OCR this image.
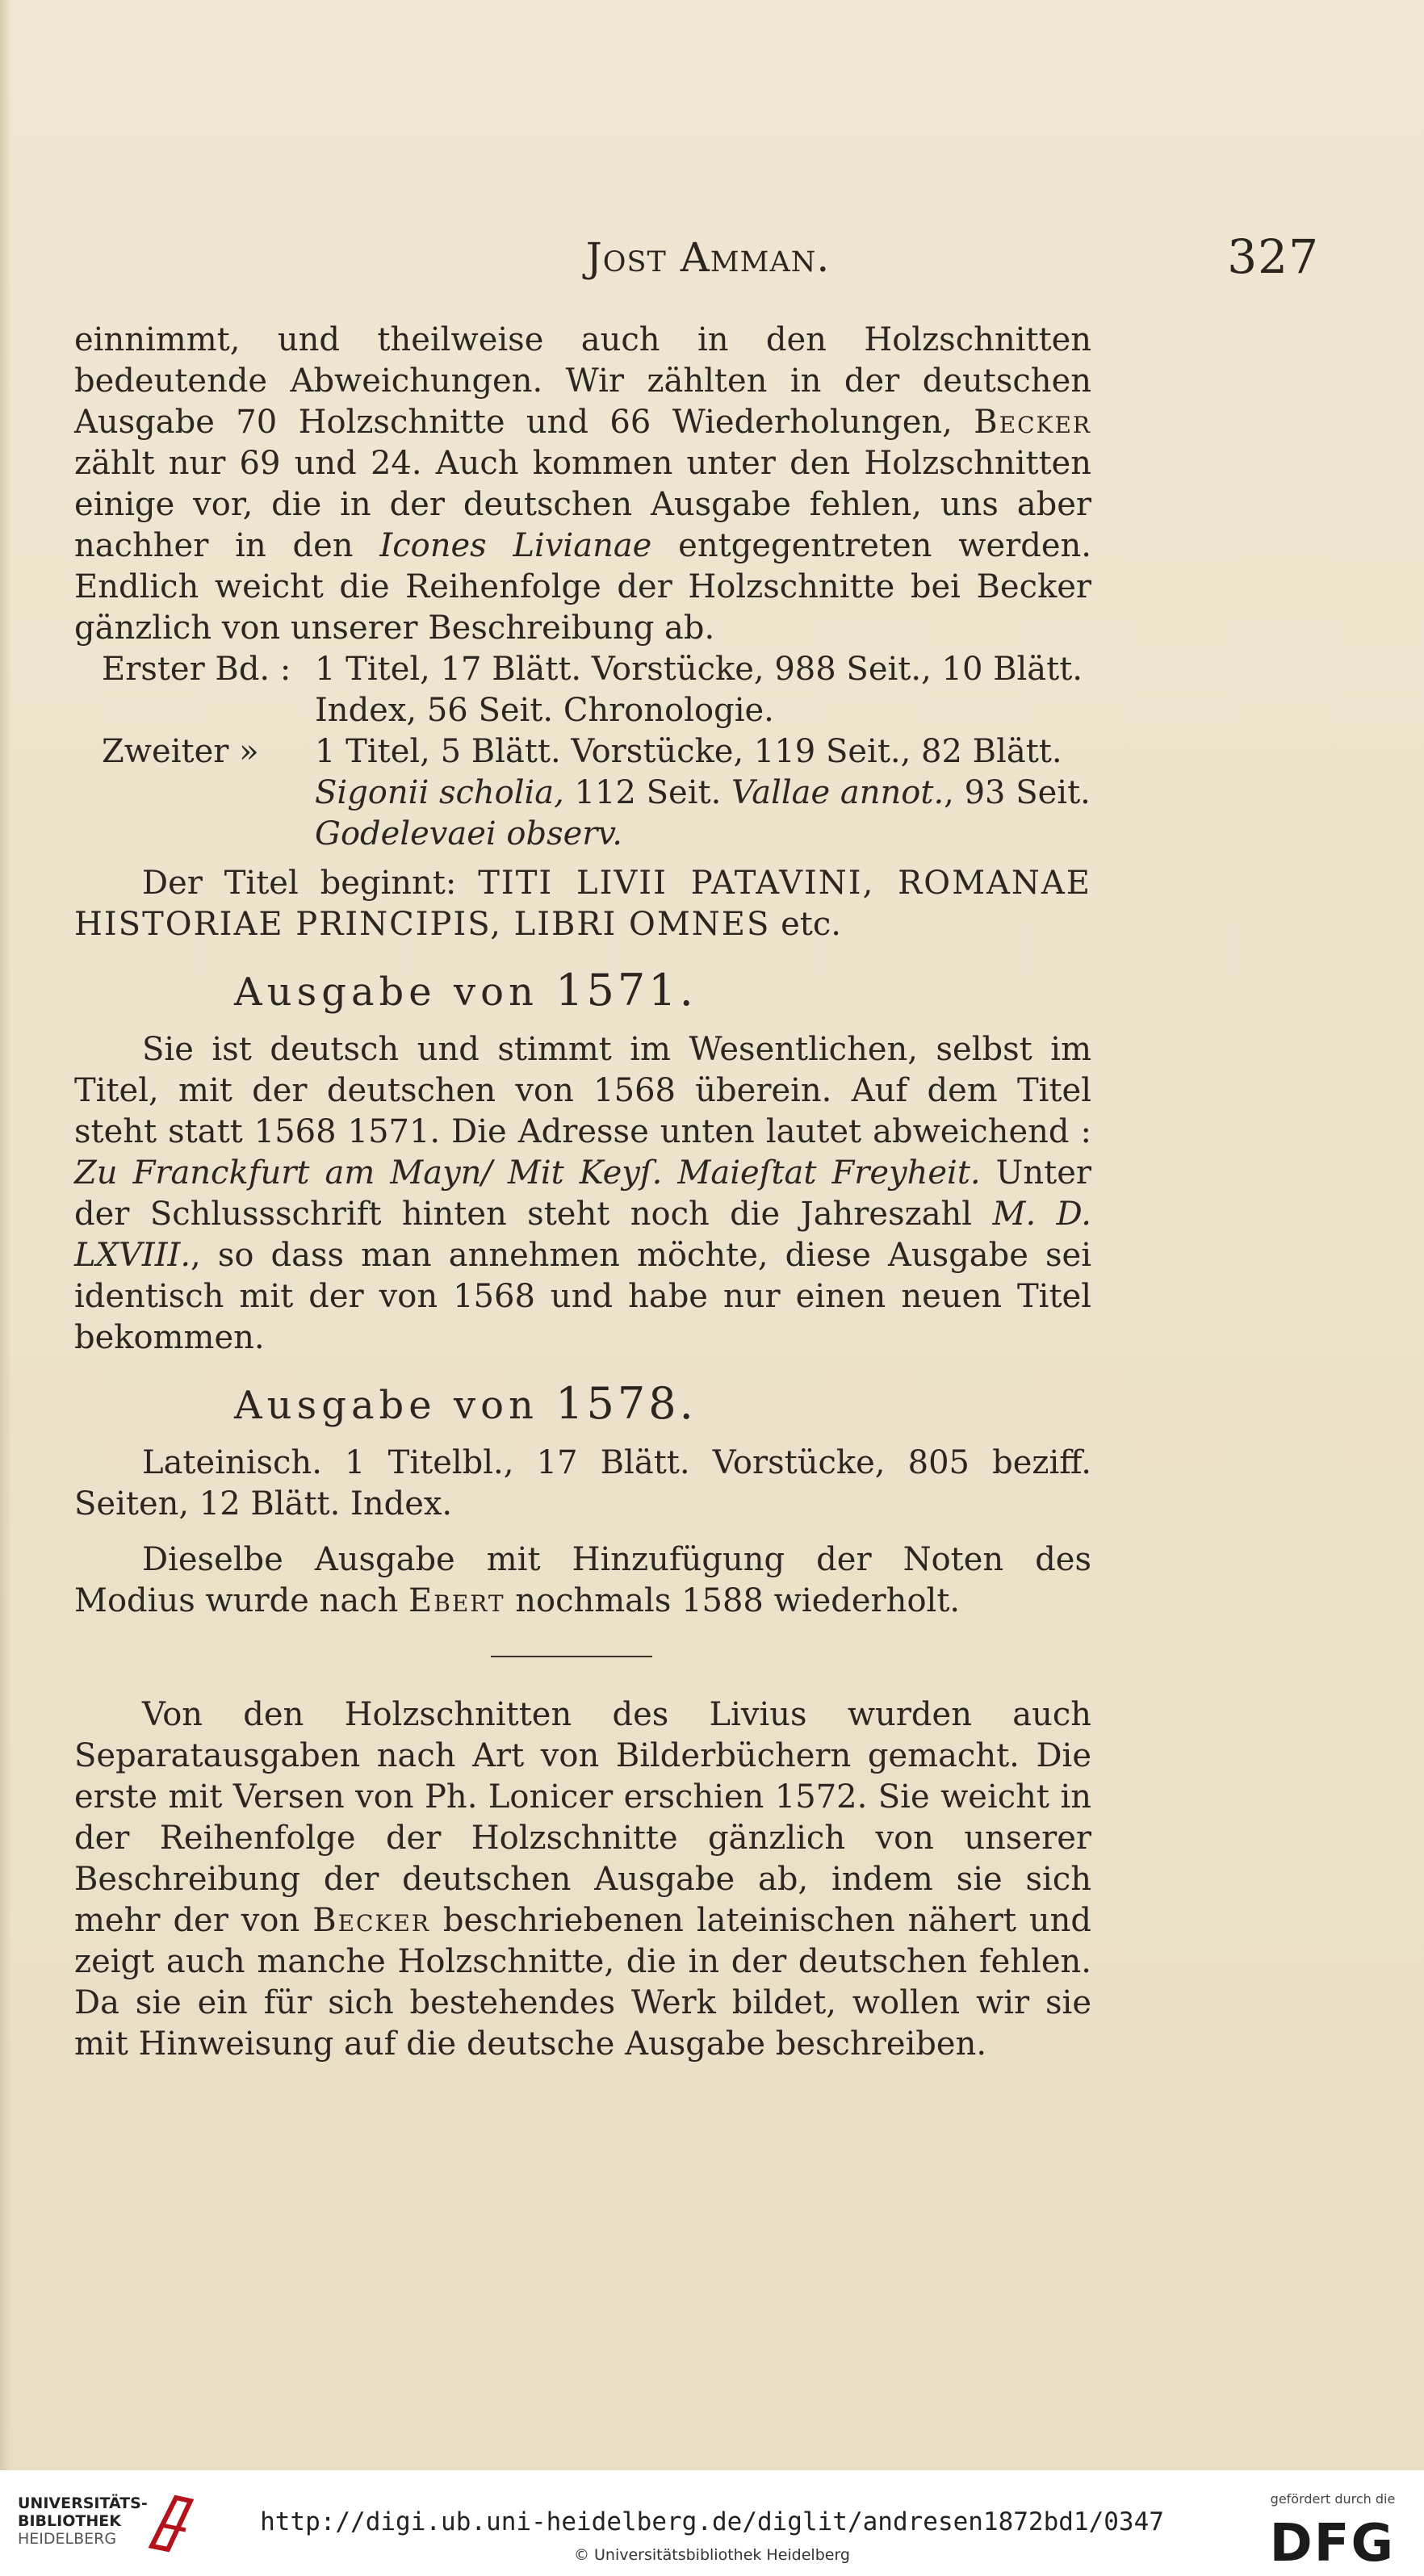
Jost Amman.	327

einnimmt, und theilweise auch in den Holzschnitten bedeutende Abweichungen. Wir zählten in der deutschen Ausgabe 70 Holzschnitte und 66 Wiederholungen, Becker zählt nur 69 und 24. Auch kommen unter den Holzschnitten einige vor, die in der deutschen Ausgabe fehlen, uns aber nachher in den Icones Livianae entgegentreten werden. Endlich weicht die Reihenfolge der Holzschnitte bei Becker gänzlich von unserer Beschreibung ab.

Erster Bd. : 1 Titel, 17 Blätt. Vorstücke, 988 Seit., 10 Blätt. Index, 56 Seit. Chronologie.
Zweiter »	1 Titel, 5 Blätt. Vorstücke, 119 Seit., 82 Blätt. Sigonii scholia, 112 Seit. Vallae annot., 93 Seit. Godelevaei observ.

Der Titel beginnt: TITI LIVII PATAVINI, ROMANAE HISTORIAE PRINCIPIS, LIBRI OMNES etc.

Ausgabe von 1571.

Sie ist deutsch und stimmt im Wesentlichen, selbst im Titel, mit der deutschen von 1568 überein. Auf dem Titel steht statt 1568 1571. Die Adresse unten lautet abweichend : Zu Franckfurt am Mayn/ Mit Keyſ. Maieſtat Freyheit. Unter der Schlussschrift hinten steht noch die Jahreszahl M. D. LXVIII., so dass man annehmen möchte, diese Ausgabe sei identisch mit der von 1568 und habe nur einen neuen Titel bekommen.

Ausgabe von 1578.

Lateinisch. 1 Titelbl., 17 Blätt. Vorstücke, 805 beziff. Seiten, 12 Blätt. Index.

Dieselbe Ausgabe mit Hinzufügung der Noten des Modius wurde nach Ebert nochmals 1588 wiederholt.

Von den Holzschnitten des Livius wurden auch Separatausgaben nach Art von Bilderbüchern gemacht. Die erste mit Versen von Ph. Lonicer erschien 1572. Sie weicht in der Reihenfolge der Holzschnitte gänzlich von unserer Beschreibung der deutschen Ausgabe ab, indem sie sich mehr der von Becker beschriebenen lateinischen nähert und zeigt auch manche Holzschnitte, die in der deutschen fehlen. Da sie ein für sich bestehendes Werk bildet, wollen wir sie mit Hinweisung auf die deutsche Ausgabe beschreiben.

UNIVERSITÄTS-
BIBLIOTHEK
HEIDELBERG
http://digi.ub.uni-heidelberg.de/diglit/andresen1872bd1/0347
© Universitätsbibliothek Heidelberg
gefördert durch die
DFG
